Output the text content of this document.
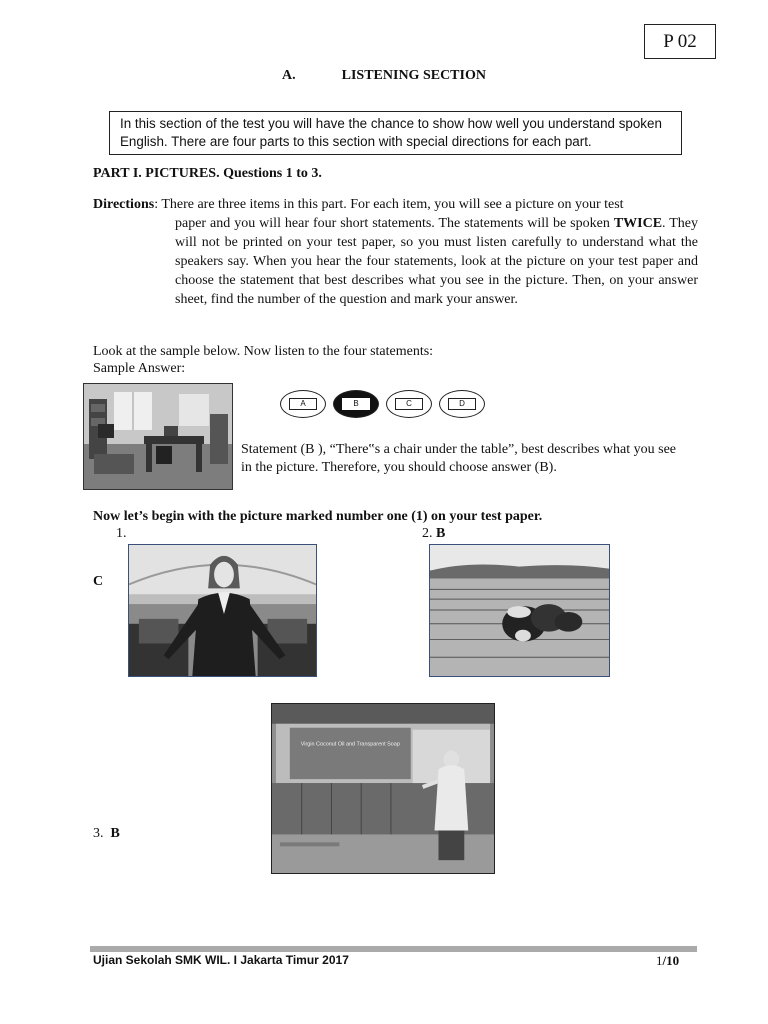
P 02
A.	LISTENING SECTION
In this section of the test you will have the chance to show how well you understand spoken English. There are four parts to this section with special directions for each part.
PART I. PICTURES. Questions 1 to 3.
Directions: There are three items in this part. For each item, you will see a picture on your test
paper and you will hear four short statements. The statements will be spoken TWICE. They will not be printed on your test paper, so you must listen carefully to understand what the speakers say. When you hear the four statements, look at the picture on your test paper and choose the statement that best describes what you see in the picture. Then, on your answer sheet, find the number of the question and mark your answer.
Look at the sample below. Now listen to the four statements:
Sample Answer:
A	B	C	D
Statement (B ), “There‟s a chair under the table”, best describes what you see in the picture. Therefore, you should choose answer (B).
Now let’s begin with the picture marked number one (1) on your test paper.
1.
C
2. B
3. B
Virgin Coconut Oil and Transparent Soap
Ujian Sekolah SMK WIL. I Jakarta Timur 2017	1/10
